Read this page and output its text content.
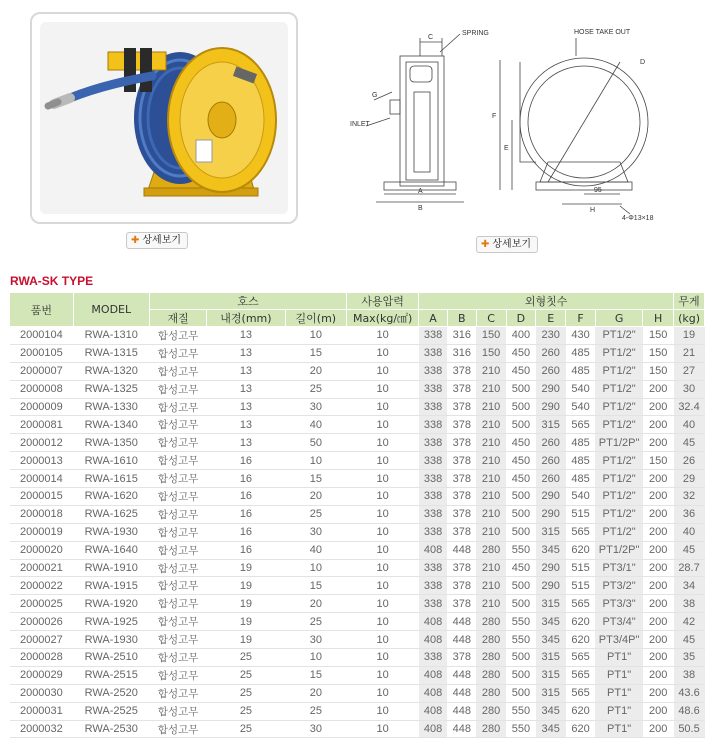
✚ 상세보기
C
SPRING
G
INLET
A
B
HOSE TAKE OUT
D
F
E
95
H
4-Φ13×18
✚ 상세보기
RWA-SK TYPE
품번	MODEL	호스			사용압력	외형칫수								무게
		재질	내경(mm)	길이(m)	Max(kg/㎠)	A	B	C	D	E	F	G	H	(kg)
2000104	RWA-1310	합성고무	13	10	10	338	316	150	400	230	430	PT1/2"	150	19
2000105	RWA-1315	합성고무	13	15	10	338	316	150	450	260	485	PT1/2"	150	21
2000007	RWA-1320	합성고무	13	20	10	338	378	210	450	260	485	PT1/2"	150	27
2000008	RWA-1325	합성고무	13	25	10	338	378	210	500	290	540	PT1/2"	200	30
2000009	RWA-1330	합성고무	13	30	10	338	378	210	500	290	540	PT1/2"	200	32.4
2000081	RWA-1340	합성고무	13	40	10	338	378	210	500	315	565	PT1/2"	200	40
2000012	RWA-1350	합성고무	13	50	10	338	378	210	450	260	485	PT1/2P"	200	45
2000013	RWA-1610	합성고무	16	10	10	338	378	210	450	260	485	PT1/2"	150	26
2000014	RWA-1615	합성고무	16	15	10	338	378	210	450	260	485	PT1/2"	200	29
2000015	RWA-1620	합성고무	16	20	10	338	378	210	500	290	540	PT1/2"	200	32
2000018	RWA-1625	합성고무	16	25	10	338	378	210	500	290	515	PT1/2"	200	36
2000019	RWA-1930	합성고무	16	30	10	338	378	210	500	315	565	PT1/2"	200	40
2000020	RWA-1640	합성고무	16	40	10	408	448	280	550	345	620	PT1/2P"	200	45
2000021	RWA-1910	합성고무	19	10	10	338	378	210	450	290	515	PT3/1"	200	28.7
2000022	RWA-1915	합성고무	19	15	10	338	378	210	500	290	515	PT3/2"	200	34
2000025	RWA-1920	합성고무	19	20	10	338	378	210	500	315	565	PT3/3"	200	38
2000026	RWA-1925	합성고무	19	25	10	408	448	280	550	345	620	PT3/4"	200	42
2000027	RWA-1930	합성고무	19	30	10	408	448	280	550	345	620	PT3/4P"	200	45
2000028	RWA-2510	합성고무	25	10	10	338	378	280	500	315	565	PT1"	200	35
2000029	RWA-2515	합성고무	25	15	10	408	448	280	500	315	565	PT1"	200	38
2000030	RWA-2520	합성고무	25	20	10	408	448	280	500	315	565	PT1"	200	43.6
2000031	RWA-2525	합성고무	25	25	10	408	448	280	550	345	620	PT1"	200	48.6
2000032	RWA-2530	합성고무	25	30	10	408	448	280	550	345	620	PT1"	200	50.5
